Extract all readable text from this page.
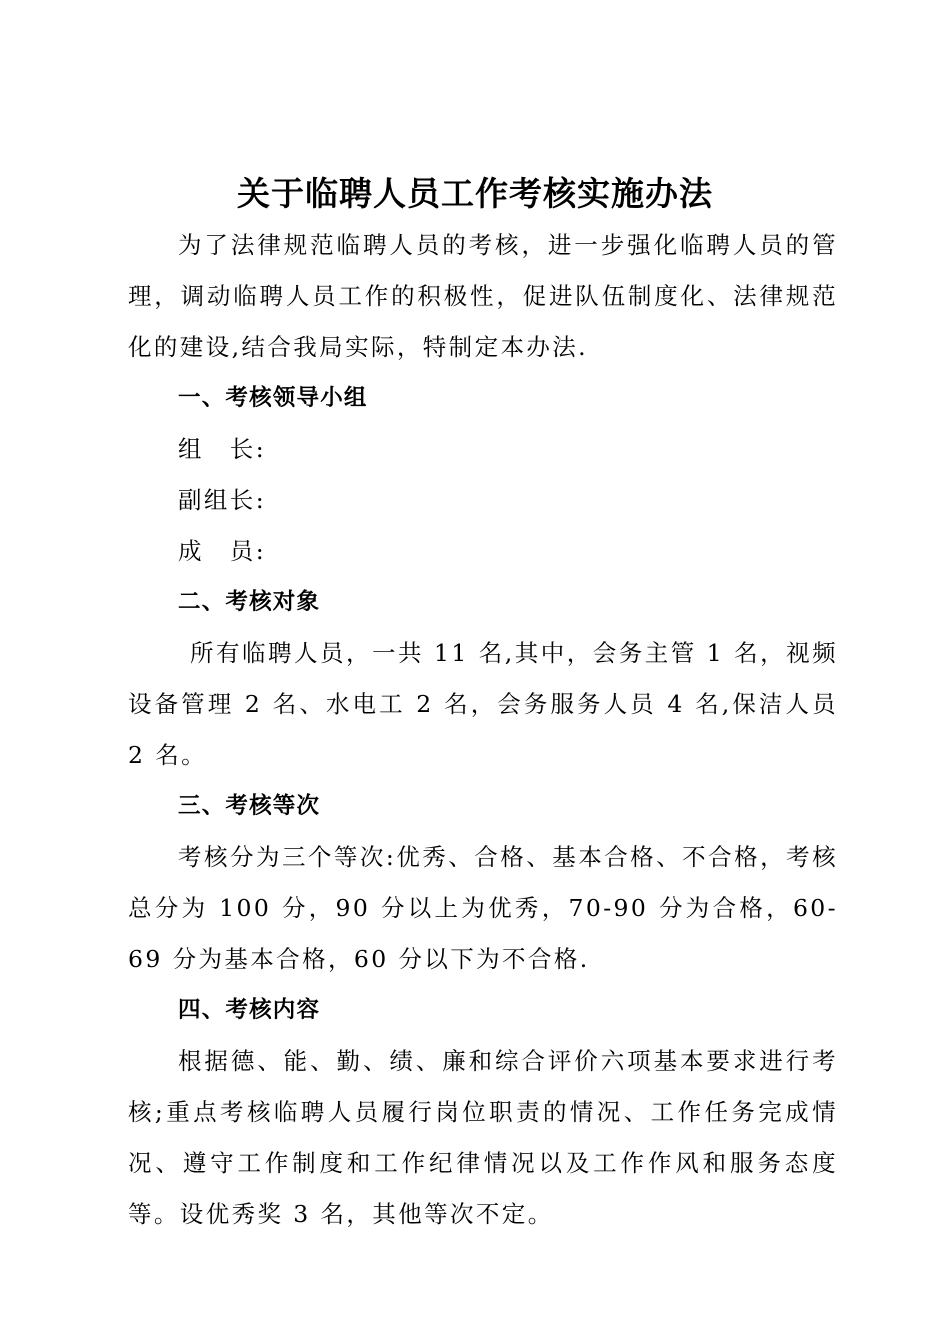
关于临聘人员工作考核实施办法

为了法律规范临聘人员的考核，进一步强化临聘人员的管理，调动临聘人员工作的积极性，促进队伍制度化、法律规范化的建设,结合我局实际，特制定本办法.

一、考核领导小组

组　长:

副组长:

成　员:

二、考核对象

所有临聘人员，一共 11 名,其中，会务主管 1 名，视频设备管理 2 名、水电工 2 名，会务服务人员 4 名,保洁人员 2 名。

三、考核等次

考核分为三个等次:优秀、合格、基本合格、不合格，考核总分为 100 分，90 分以上为优秀，70-90 分为合格，60-69 分为基本合格，60 分以下为不合格.

四、考核内容

根据德、能、勤、绩、廉和综合评价六项基本要求进行考核;重点考核临聘人员履行岗位职责的情况、工作任务完成情况、遵守工作制度和工作纪律情况以及工作作风和服务态度等。设优秀奖 3 名，其他等次不定。
